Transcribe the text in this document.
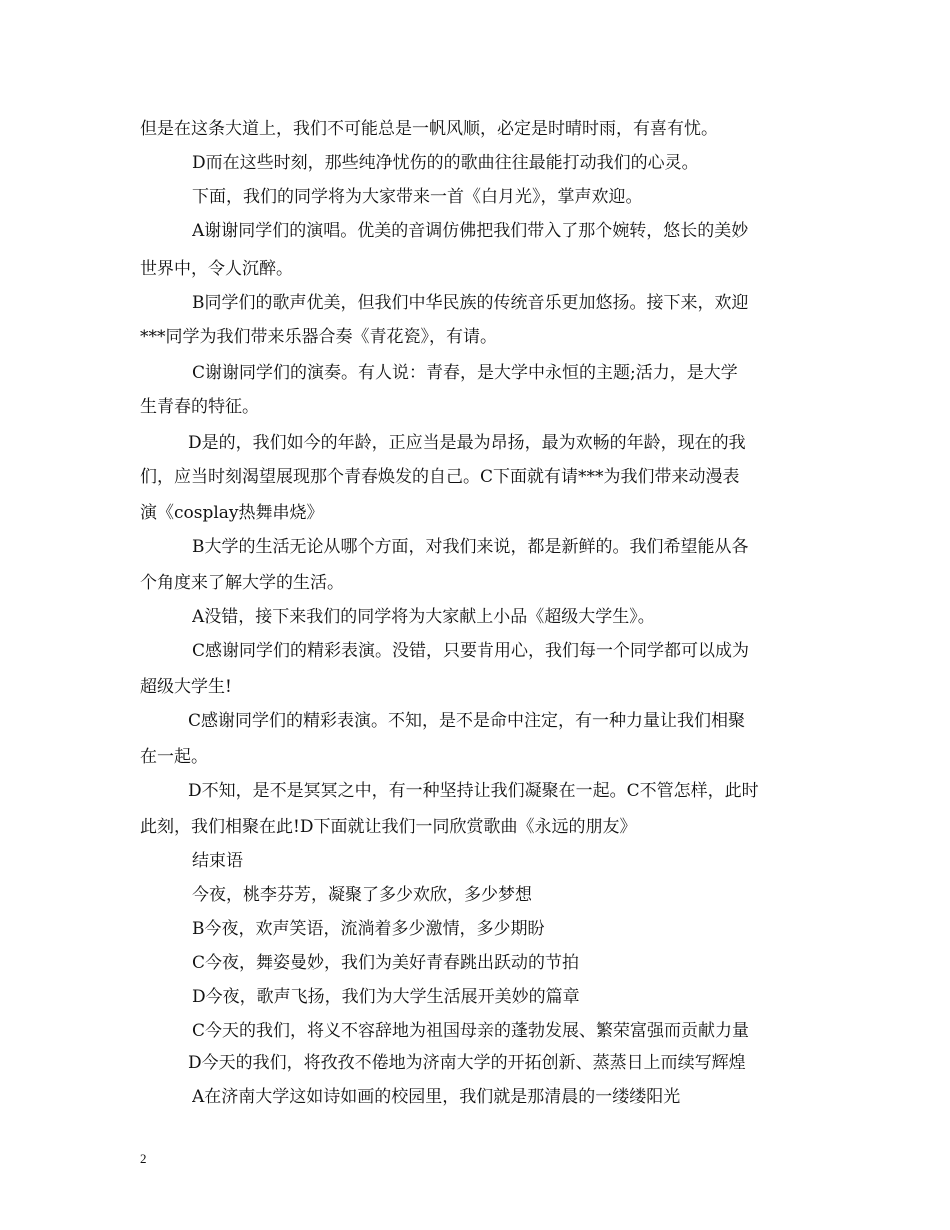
但是在这条大道上，我们不可能总是一帆风顺，必定是时晴时雨，有喜有忧。
D而在这些时刻，那些纯净忧伤的的歌曲往往最能打动我们的心灵。
下面，我们的同学将为大家带来一首《白月光》，掌声欢迎。
A谢谢同学们的演唱。优美的音调仿佛把我们带入了那个婉转，悠长的美妙
世界中，令人沉醉。
B同学们的歌声优美，但我们中华民族的传统音乐更加悠扬。接下来，欢迎
***同学为我们带来乐器合奏《青花瓷》，有请。
C谢谢同学们的演奏。有人说：青春，是大学中永恒的主题;活力，是大学
生青春的特征。
D是的，我们如今的年龄，正应当是最为昂扬，最为欢畅的年龄，现在的我
们，应当时刻渴望展现那个青春焕发的自己。C下面就有请***为我们带来动漫表
演《cosplay热舞串烧》
B大学的生活无论从哪个方面，对我们来说，都是新鲜的。我们希望能从各
个角度来了解大学的生活。
A没错，接下来我们的同学将为大家献上小品《超级大学生》。
C感谢同学们的精彩表演。没错，只要肯用心，我们每一个同学都可以成为
超级大学生!
C感谢同学们的精彩表演。不知，是不是命中注定，有一种力量让我们相聚
在一起。
D不知，是不是冥冥之中，有一种坚持让我们凝聚在一起。C不管怎样，此时
此刻，我们相聚在此!D下面就让我们一同欣赏歌曲《永远的朋友》
结束语
今夜，桃李芬芳，凝聚了多少欢欣，多少梦想
B今夜，欢声笑语，流淌着多少激情，多少期盼
C今夜，舞姿曼妙，我们为美好青春跳出跃动的节拍
D今夜，歌声飞扬，我们为大学生活展开美妙的篇章
C今天的我们，将义不容辞地为祖国母亲的蓬勃发展、繁荣富强而贡献力量
D今天的我们，将孜孜不倦地为济南大学的开拓创新、蒸蒸日上而续写辉煌
A在济南大学这如诗如画的校园里，我们就是那清晨的一缕缕阳光
2
